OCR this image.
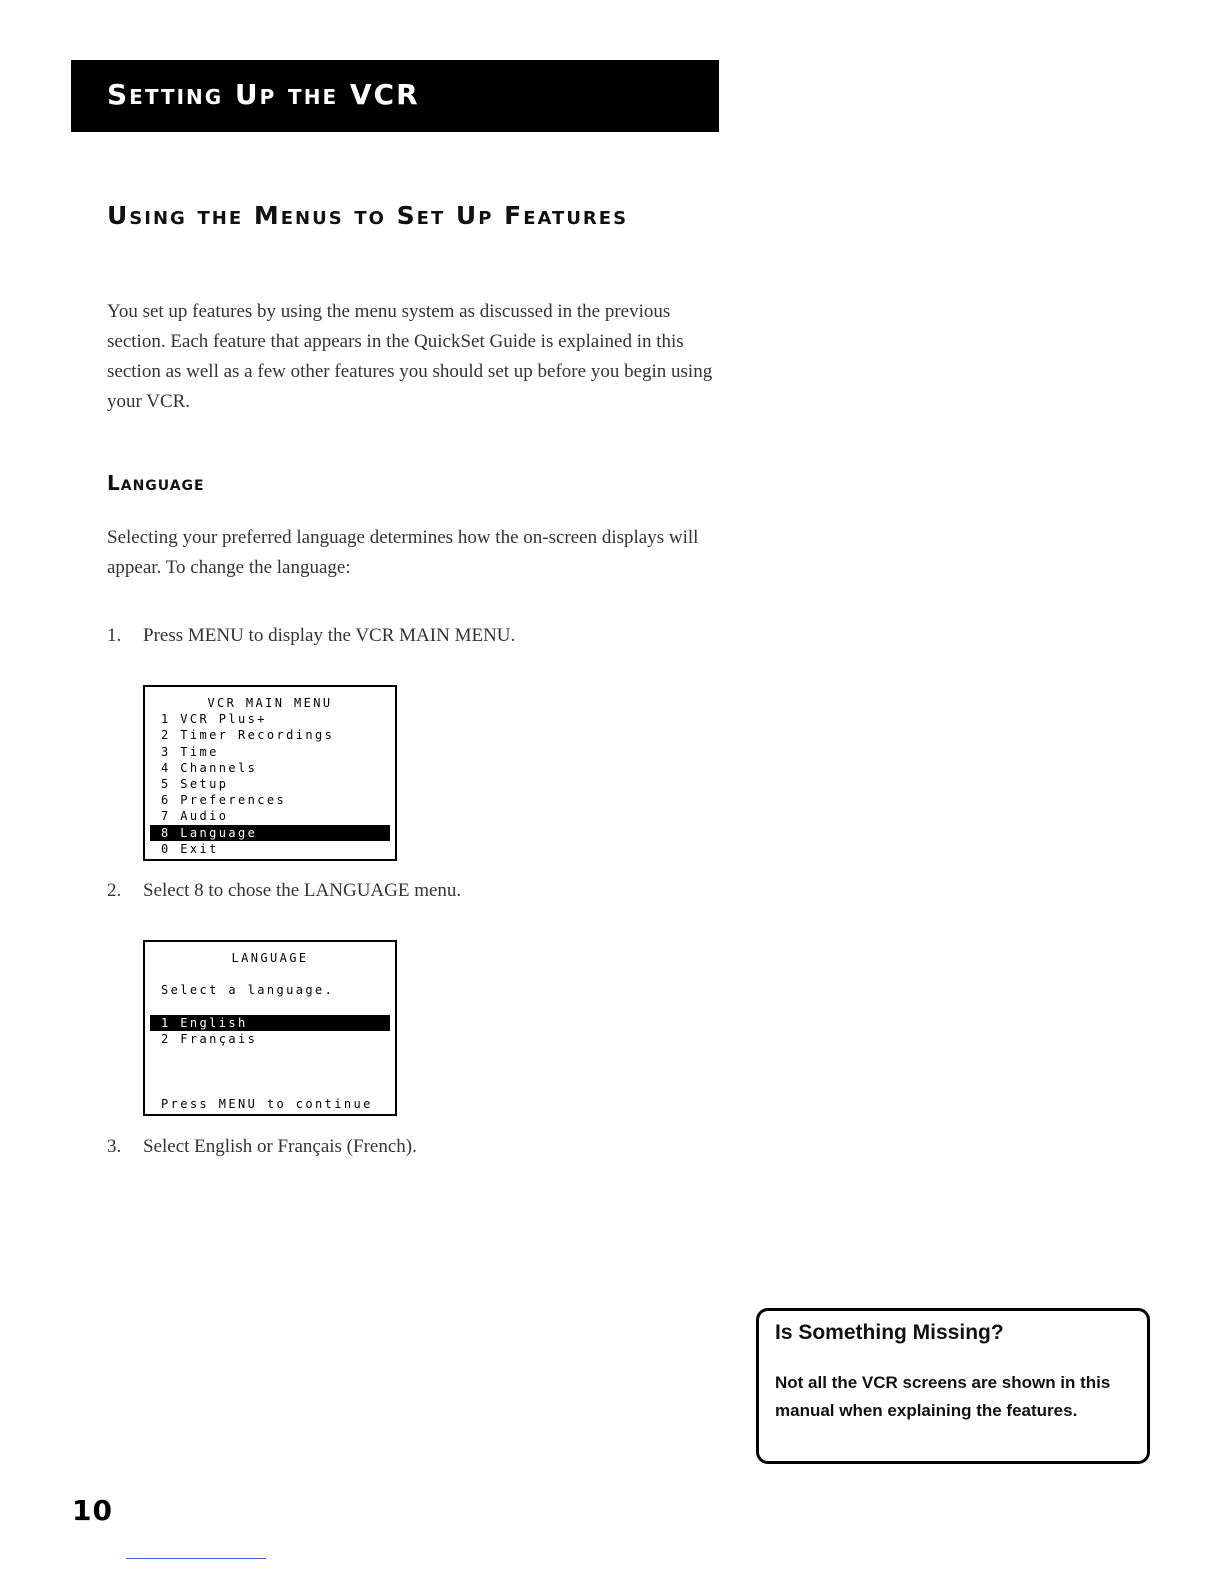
Setting Up the VCR
Using the Menus to Set Up Features

You set up features by using the menu system as discussed in the previous section. Each feature that appears in the QuickSet Guide is explained in this section as well as a few other features you should set up before you begin using your VCR.

Language

Selecting your preferred language determines how the on-screen displays will appear. To change the language:

1. Press MENU to display the VCR MAIN MENU.
VCR MAIN MENU
1 VCR Plus+
2 Timer Recordings
3 Time
4 Channels
5 Setup
6 Preferences
7 Audio
8 Language
0 Exit
2. Select 8 to chose the LANGUAGE menu.
LANGUAGE
Select a language.
1 English
2 Français
Press MENU to continue
3. Select English or Français (French).
Is Something Missing?

Not all the VCR screens are shown in this manual when explaining the features.

10
